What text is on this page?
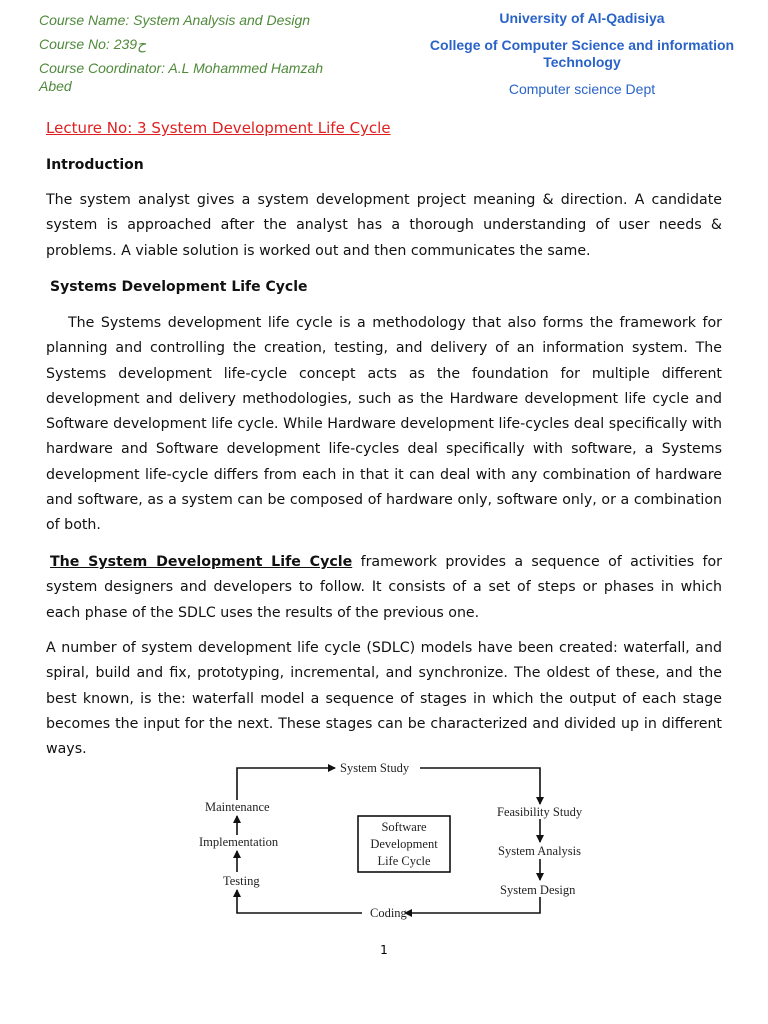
Course Name: System Analysis and Design
Course No: 239ح
Course Coordinator: A.L Mohammed Hamzah Abed
University of Al-Qadisiya
College of Computer Science and information Technology
Computer science Dept
Lecture No: 3 System Development Life Cycle
Introduction
The system analyst gives a system development project meaning & direction. A candidate system is approached after the analyst has a thorough understanding of user needs & problems. A viable solution is worked out and then communicates the same.
Systems Development Life Cycle
The Systems development life cycle is a methodology that also forms the framework for planning and controlling the creation, testing, and delivery of an information system. The Systems development life-cycle concept acts as the foundation for multiple different development and delivery methodologies, such as the Hardware development life cycle and Software development life cycle. While Hardware development life-cycles deal specifically with hardware and Software development life-cycles deal specifically with software, a Systems development life-cycle differs from each in that it can deal with any combination of hardware and software, as a system can be composed of hardware only, software only, or a combination of both.
The System Development Life Cycle framework provides a sequence of activities for system designers and developers to follow. It consists of a set of steps or phases in which each phase of the SDLC uses the results of the previous one.
A number of system development life cycle (SDLC) models have been created: waterfall, and spiral, build and fix, prototyping, incremental, and synchronize. The oldest of these, and the best known, is the: waterfall model a sequence of stages in which the output of each stage becomes the input for the next. These stages can be characterized and divided up in different ways.
System Study
Feasibility Study
System Analysis
System Design
Coding
Testing
Implementation
Maintenance
Software
Development
Life Cycle
1
